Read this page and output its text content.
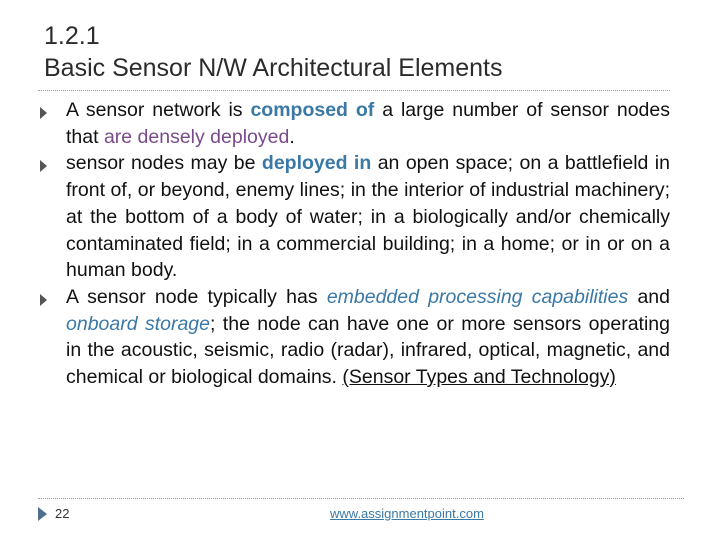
1.2.1
Basic Sensor N/W Architectural Elements
A sensor network is composed of a large number of sensor nodes that are densely deployed.
sensor nodes may be deployed in an open space; on a battlefield in front of, or beyond, enemy lines; in the interior of industrial machinery; at the bottom of a body of water; in a biologically and/or chemically contaminated field; in a commercial building; in a home; or in or on a human body.
A sensor node typically has embedded processing capabilities and onboard storage; the node can have one or more sensors operating in the acoustic, seismic, radio (radar), infrared, optical, magnetic, and chemical or biological domains. (Sensor Types and Technology)
22	www.assignmentpoint.com
